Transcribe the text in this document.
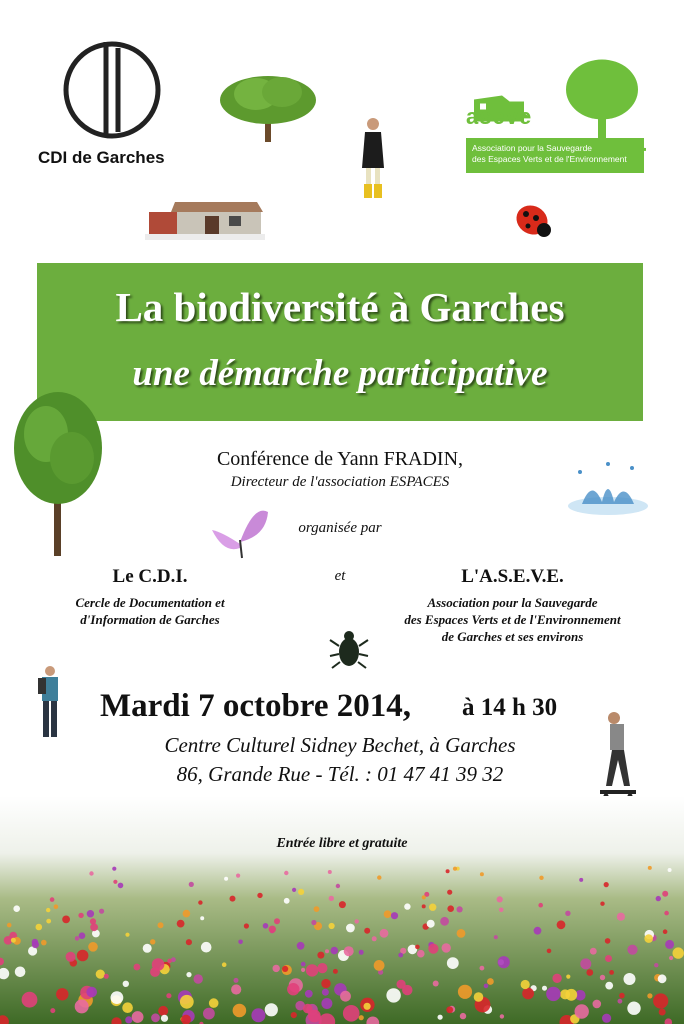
CDI de Garches
aseve
Association pour la Sauvegarde
des Espaces Verts et de l'Environnement
La biodiversité à Garches
une démarche participative
Conférence de Yann FRADIN,
Directeur de l'association ESPACES
organisée par
Le C.D.I.
Cercle de Documentation et
d'Information de Garches
et	L'A.S.E.V.E.
Association pour la Sauvegarde
des Espaces Verts et de l'Environnement
de Garches et ses environs
Mardi 7 octobre 2014, à 14 h 30
Centre Culturel Sidney Bechet, à Garches
86, Grande Rue - Tél. : 01 47 41 39 32
Entrée libre et gratuite
